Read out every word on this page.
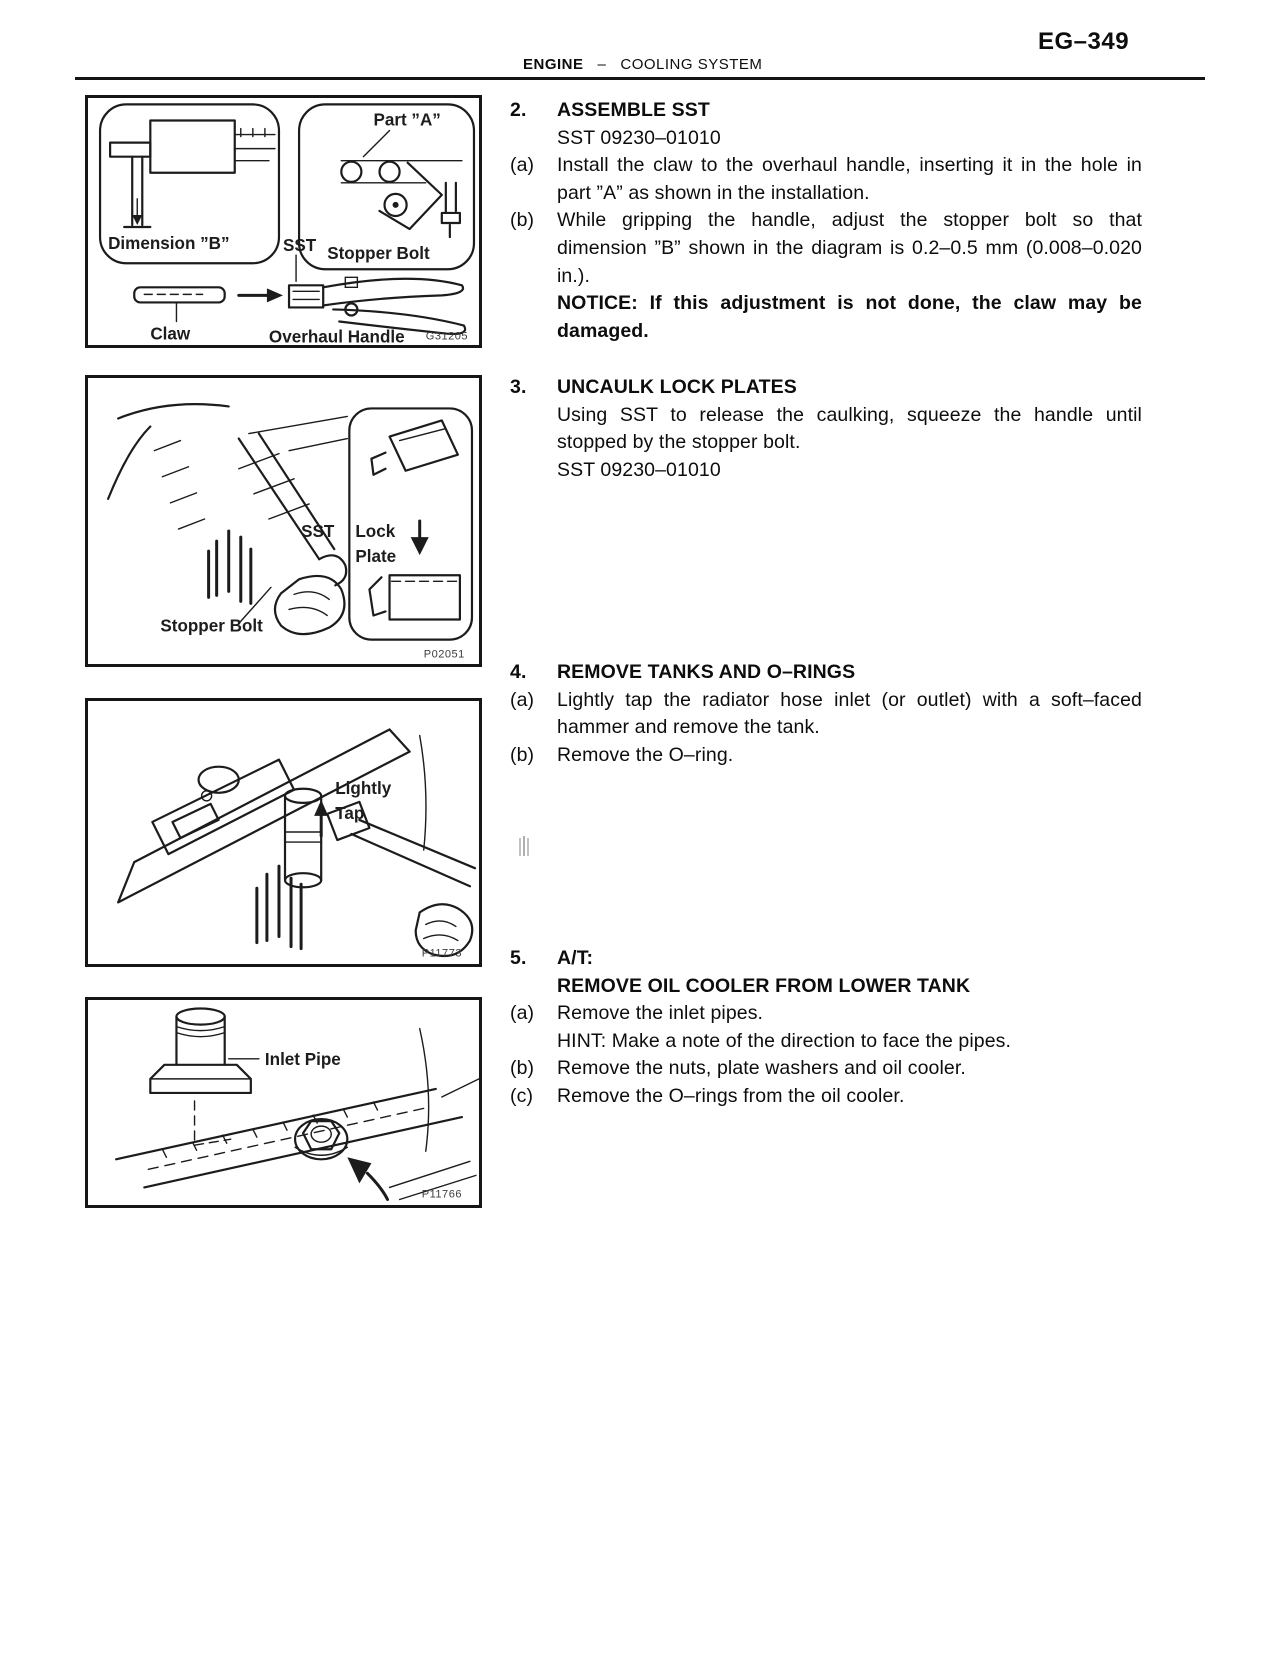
EG–349
ENGINE – COOLING SYSTEM
Dimension ”B”	SST
Part ”A”
Stopper Bolt
Claw	Overhaul Handle G31205
Lock
Plate
SST
Stopper Bolt
P02051
Lightly
Tap
P11773
Inlet Pipe
P11766
2.	ASSEMBLE SST
SST 09230–01010
(a)	Install the claw to the overhaul handle, inserting it in the hole in part ”A” as shown in the installation.
(b)	While gripping the handle, adjust the stopper bolt so that dimension ”B” shown in the diagram is 0.2–0.5 mm (0.008–0.020 in.).
NOTICE: If this adjustment is not done, the claw may be damaged.
3.	UNCAULK LOCK PLATES
Using SST to release the caulking, squeeze the handle until stopped by the stopper bolt.
SST 09230–01010
4.	REMOVE TANKS AND O–RINGS
(a)	Lightly tap the radiator hose inlet (or outlet) with a soft–faced hammer and remove the tank.
(b)	Remove the O–ring.
5.	A/T:
REMOVE OIL COOLER FROM LOWER TANK
(a)	Remove the inlet pipes.
HINT: Make a note of the direction to face the pipes.
(b)	Remove the nuts, plate washers and oil cooler.
(c)	Remove the O–rings from the oil cooler.
